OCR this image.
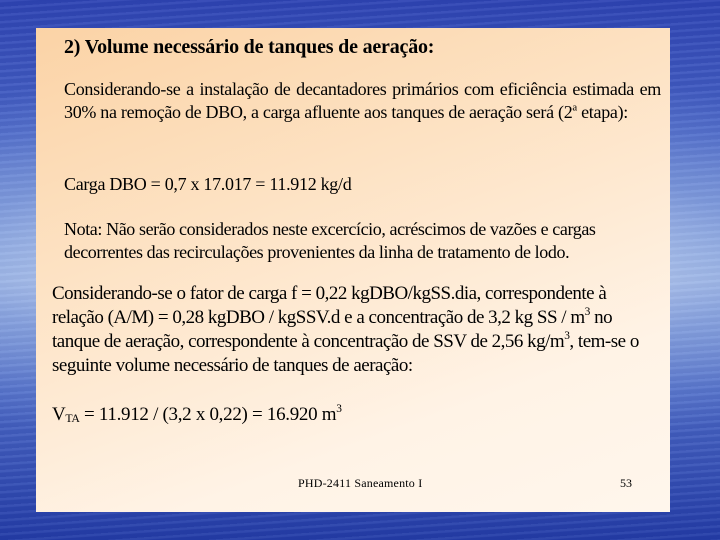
2) Volume necessário de tanques de aeração:
Considerando-se a instalação de decantadores primários com eficiência estimada em 30% na remoção de DBO, a carga afluente aos tanques de aeração será (2$^a$ etapa):
Carga DBO = 0,7 x 17.017 = 11.912 kg/d
Nota: Não serão considerados neste excercício, acréscimos de vazões e cargas decorrentes das recirculações provenientes da linha de tratamento de lodo.
Considerando-se o fator de carga f = 0,22 kgDBO/kgSS.dia, correspondente à relação (A/M) = 0,28 kgDBO / kgSSV.d e a concentração de 3,2 kg SS / $m^3$ no tanque de aeração, correspondente à concentração de SSV de 2,56 $kg/m^3$, tem-se o seguinte volume necessário de tanques de aeração:
$V_{TA} = 11.912 / (3,2$ x 0,22) = 16.920 $m^3$
PHD-2411 Saneamento I	53
